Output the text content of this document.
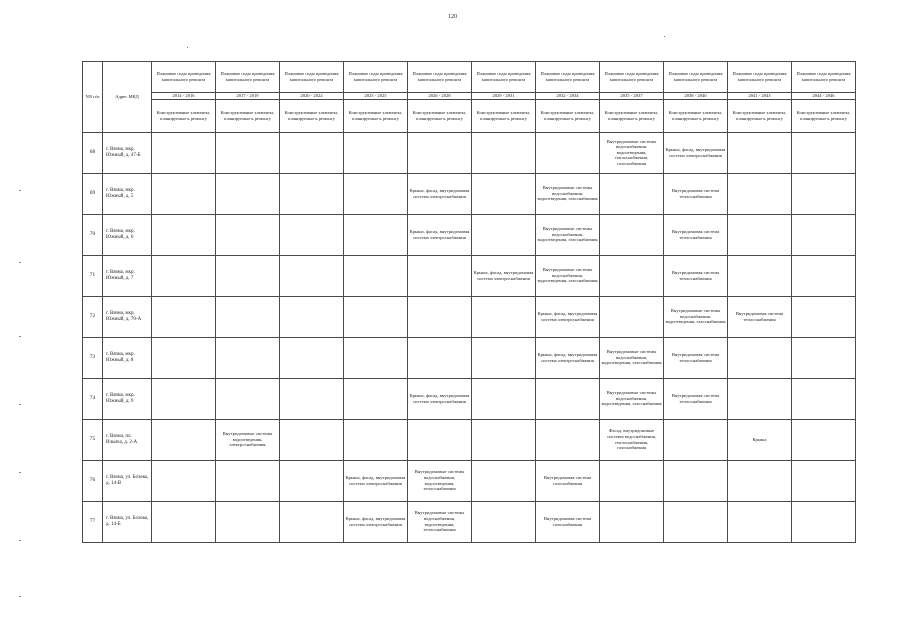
120
NN п/п	Адрес МКД	Плановые годы проведения капитального ремонта	Плановые годы проведения капитального ремонта	Плановые годы проведения капитального ремонта	Плановые годы проведения капитального ремонта	Плановые годы проведения капитального ремонта	Плановые годы проведения капитального ремонта	Плановые годы проведения капитального ремонта	Плановые годы проведения капитального ремонта	Плановые годы проведения капитального ремонта	Плановые годы проведения капитального ремонта	Плановые годы проведения капитального ремонта
		2014 - 2016	2017 - 2019	2020 - 2022	2023 - 2025	2026 - 2028	2029 - 2031	2032 - 2034	2035 - 2037	2038 - 2040	2041 - 2043	2044 - 2046
		Конструктивные элементы, планируемые к ремонту	Конструктивные элементы, планируемые к ремонту	Конструктивные элементы, планируемые к ремонту	Конструктивные элементы, планируемые к ремонту	Конструктивные элементы, планируемые к ремонту	Конструктивные элементы, планируемые к ремонту	Конструктивные элементы, планируемые к ремонту	Конструктивные элементы, планируемые к ремонту	Конструктивные элементы, планируемые к ремонту	Конструктивные элементы, планируемые к ремонту	Конструктивные элементы, планируемые к ремонту
68	г. Вязма, мкр. Южный, д. 47-Б								Внутридомовые системы водоснабжения, водоотведения, теплоснабжения, газоснабжения	Крыша, фасад, внутридомовая система электроснабжения		
69	г. Вязма, мкр. Южный, д. 5					Крыша, фасад, внутридомовая система электроснабжения		Внутридомовые системы водоснабжения, водоотведения, газоснабжения		Внутридомовая система теплоснабжения		
70	г. Вязма, мкр. Южный, д. 6					Крыша, фасад, внутридомовая система электроснабжения		Внутридомовые системы водоснабжения, водоотведения, газоснабжения		Внутридомовая система теплоснабжения		
71	г. Вязма, мкр. Южный, д. 7						Крыша, фасад, внутридомовая система электроснабжения	Внутридомовые системы водоснабжения, водоотведения, газоснабжения		Внутридомовая система теплоснабжения		
72	г. Вязма, мкр. Южный, д. 70-А							Крыша, фасад, внутридомовая система электроснабжения		Внутридомовые системы водоснабжения, водоотведения, газоснабжения	Внутридомовая система теплоснабжения	
73	г. Вязма, мкр. Южный, д. 8							Крыша, фасад, внутридомовая система электроснабжения	Внутридомовые системы водоснабжения, водоотведения, газоснабжения	Внутридомовая система теплоснабжения		
74	г. Вязма, мкр. Южный, д. 9					Крыша, фасад, внутридомовая система электроснабжения			Внутридомовые системы водоснабжения, водоотведения, газоснабжения	Внутридомовая система теплоснабжения		
75	г. Вязма, пл. Ильича, д. 2-А		Внутридомовые системы водоотведения, электроснабжения						Фасад, внутридомовые системы водоснабжения, теплоснабжения, газоснабжения		Крыша	
76	г. Вязма, ул. Бозова, д. 14-В				Крыша, фасад, внутридомовая система электроснабжения	Внутридомовые системы водоснабжения, водоотведения, теплоснабжения		Внутридомовая система газоснабжения				
77	г. Вязма, ул. Бозова, д. 14-Б				Крыша, фасад, внутридомовая система электроснабжения	Внутридомовые системы водоснабжения, водоотведения, теплоснабжения		Внутридомовая система газоснабжения				
